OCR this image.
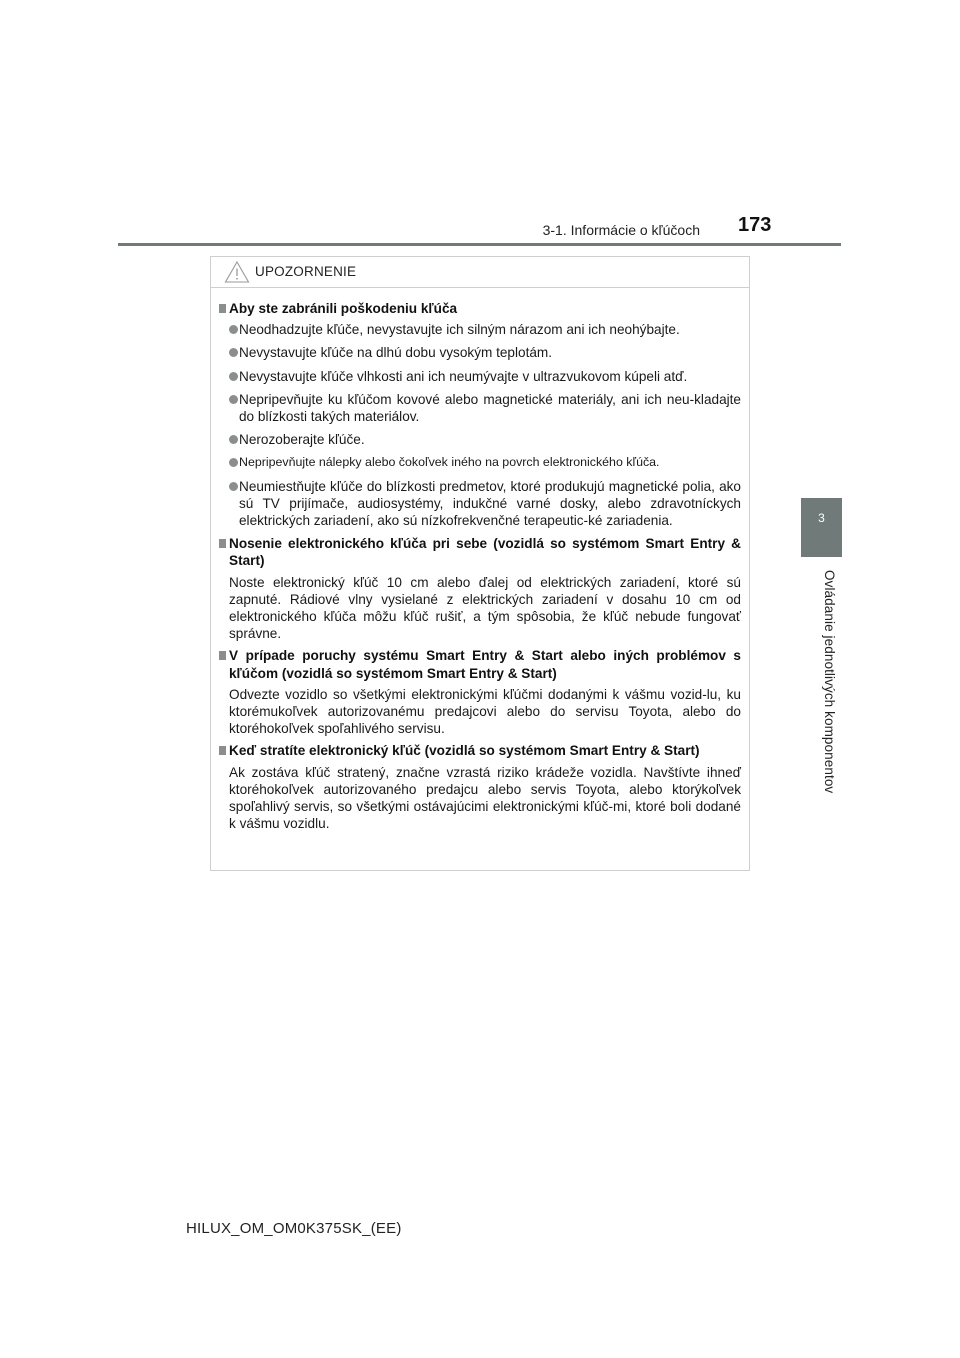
3-1. Informácie o kľúčoch 173
3
Ovládanie jednotlivých komponentov
UPOZORNENIE
Aby ste zabránili poškodeniu kľúča
Neodhadzujte kľúče, nevystavujte ich silným nárazom ani ich neohýbajte.
Nevystavujte kľúče na dlhú dobu vysokým teplotám.
Nevystavujte kľúče vlhkosti ani ich neumývajte v ultrazvukovom kúpeli atď.
Nepripevňujte ku kľúčom kovové alebo magnetické materiály, ani ich neu-kladajte do blízkosti takých materiálov.
Nerozoberajte kľúče.
Nepripevňujte nálepky alebo čokoľvek iného na povrch elektronického kľúča.
Neumiestňujte kľúče do blízkosti predmetov, ktoré produkujú magnetické polia, ako sú TV prijímače, audiosystémy, indukčné varné dosky, alebo zdravotníckych elektrických zariadení, ako sú nízkofrekvenčné terapeutic-ké zariadenia.
Nosenie elektronického kľúča pri sebe (vozidlá so systémom Smart Entry & Start)
Noste elektronický kľúč 10 cm alebo ďalej od elektrických zariadení, ktoré sú zapnuté. Rádiové vlny vysielané z elektrických zariadení v dosahu 10 cm od elektronického kľúča môžu kľúč rušiť, a tým spôsobia, že kľúč nebude fungovať správne.
V prípade poruchy systému Smart Entry & Start alebo iných problémov s kľúčom (vozidlá so systémom Smart Entry & Start)
Odvezte vozidlo so všetkými elektronickými kľúčmi dodanými k vášmu vozid-lu, ku ktorémukoľvek autorizovanému predajcovi alebo do servisu Toyota, alebo do ktoréhokoľvek spoľahlivého servisu.
Keď stratíte elektronický kľúč (vozidlá so systémom Smart Entry & Start)
Ak zostáva kľúč stratený, značne vzrastá riziko krádeže vozidla. Navštívte ihneď ktoréhokoľvek autorizovaného predajcu alebo servis Toyota, alebo ktorýkoľvek spoľahlivý servis, so všetkými ostávajúcimi elektronickými kľúč-mi, ktoré boli dodané k vášmu vozidlu.
HILUX_OM_OM0K375SK_(EE)
